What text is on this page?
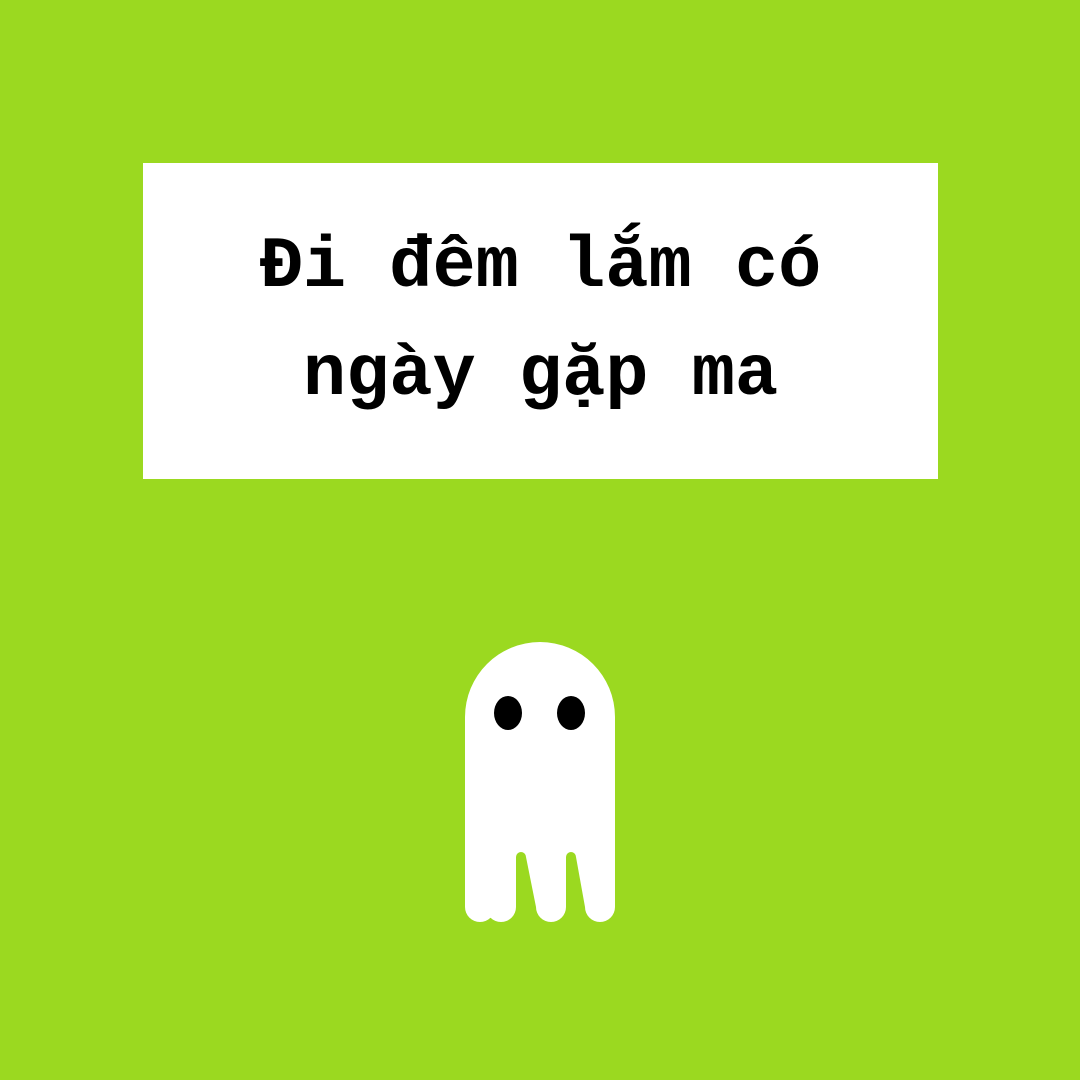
Đi đêm lắm có
ngày gặp ma
